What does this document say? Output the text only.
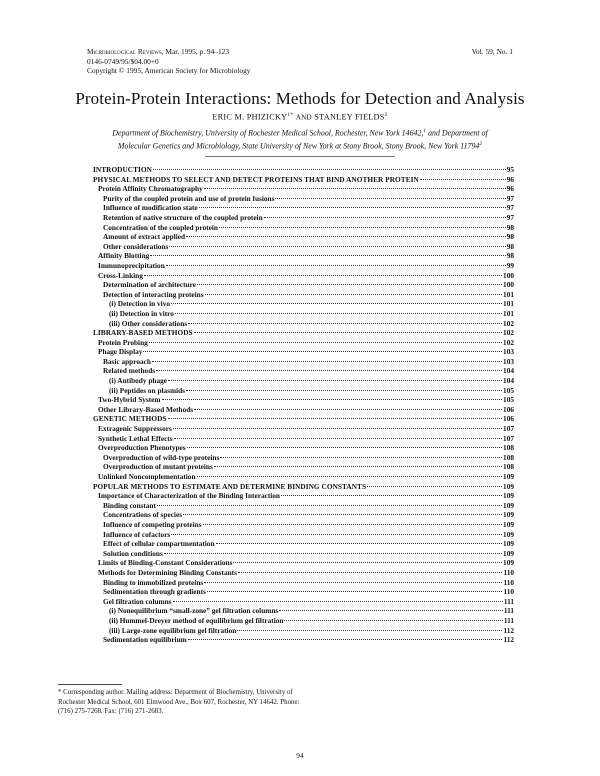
Microbiological Reviews, Mar. 1995, p. 94–123
0146-0749/95/$04.00+0
Copyright © 1995, American Society for Microbiology
Vol. 59, No. 1
Protein-Protein Interactions: Methods for Detection and Analysis
ERIC M. $PHIZICKY^{1*}$ AND STANLEY FIELDS$^2$
Department of Biochemistry, University of Rochester Medical School, Rochester, New York 14642,$^1$ and Department of Molecular Genetics and Microbiology, State University of New York at Stony Brook, Stony Brook, New York 11794$^2$
INTRODUCTION	95
PHYSICAL METHODS TO SELECT AND DETECT PROTEINS THAT BIND ANOTHER PROTEIN	96
Protein Affinity Chromatography	96
Purity of the coupled protein and use of protein fusions	97
Influence of modification state	97
Retention of native structure of the coupled protein	97
Concentration of the coupled protein	98
Amount of extract applied	98
Other considerations	98
Affinity Blotting	98
Immunoprecipitation	99
Cross-Linking	100
Determination of architecture	100
Detection of interacting proteins	101
(i) Detection in vivo	101
(ii) Detection in vitro	101
(iii) Other considerations	102
LIBRARY-BASED METHODS	102
Protein Probing	102
Phage Display	103
Basic approach	103
Related methods	104
(i) Antibody phage	104
(ii) Peptides on plasmids	105
Two-Hybrid System	105
Other Library-Based Methods	106
GENETIC METHODS	106
Extragenic Suppressors	107
Synthetic Lethal Effects	107
Overproduction Phenotypes	108
Overproduction of wild-type proteins	108
Overproduction of mutant proteins	108
Unlinked Noncomplementation	109
POPULAR METHODS TO ESTIMATE AND DETERMINE BINDING CONSTANTS	109
Importance of Characterization of the Binding Interaction	109
Binding constant	109
Concentrations of species	109
Influence of competing proteins	109
Influence of cofactors	109
Effect of cellular compartmentation	109
Solution conditions	109
Limits of Binding-Constant Considerations	109
Methods for Determining Binding Constants	110
Binding to immobilized proteins	110
Sedimentation through gradients	110
Gel filtration columns	111
(i) Nonequilibrium “small-zone” gel filtration columns	111
(ii) Hummel-Dreyer method of equilibrium gel filtration	111
(iii) Large-zone equilibrium gel filtration	112
Sedimentation equilibrium	112
* Corresponding author. Mailing address: Department of Biochemistry, University of Rochester Medical School, 601 Elmwood Ave., Box 607, Rochester, NY 14642. Phone: (716) 275-7268. Fax: (716) 271-2683.
94
